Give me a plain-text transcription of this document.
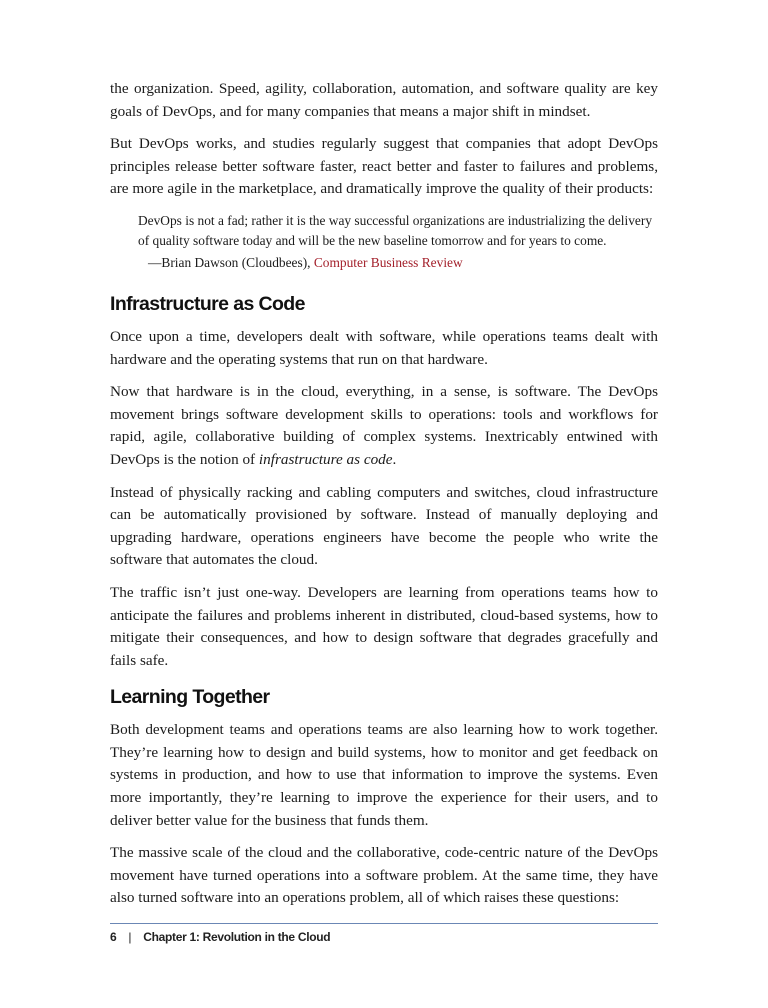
the organization. Speed, agility, collaboration, automation, and software quality are key goals of DevOps, and for many companies that means a major shift in mindset.

But DevOps works, and studies regularly suggest that companies that adopt DevOps principles release better software faster, react better and faster to failures and problems, are more agile in the marketplace, and dramatically improve the quality of their products:

DevOps is not a fad; rather it is the way successful organizations are industrializing the delivery of quality software today and will be the new baseline tomorrow and for years to come.

—Brian Dawson (Cloudbees), Computer Business Review
Infrastructure as Code

Once upon a time, developers dealt with software, while operations teams dealt with hardware and the operating systems that run on that hardware.

Now that hardware is in the cloud, everything, in a sense, is software. The DevOps movement brings software development skills to operations: tools and workflows for rapid, agile, collaborative building of complex systems. Inextricably entwined with DevOps is the notion of infrastructure as code.

Instead of physically racking and cabling computers and switches, cloud infrastructure can be automatically provisioned by software. Instead of manually deploying and upgrading hardware, operations engineers have become the people who write the software that automates the cloud.

The traffic isn’t just one-way. Developers are learning from operations teams how to anticipate the failures and problems inherent in distributed, cloud-based systems, how to mitigate their consequences, and how to design software that degrades gracefully and fails safe.

Learning Together

Both development teams and operations teams are also learning how to work together. They’re learning how to design and build systems, how to monitor and get feedback on systems in production, and how to use that information to improve the systems. Even more importantly, they’re learning to improve the experience for their users, and to deliver better value for the business that funds them.

The massive scale of the cloud and the collaborative, code-centric nature of the DevOps movement have turned operations into a software problem. At the same time, they have also turned software into an operations problem, all of which raises these questions:

6 | Chapter 1: Revolution in the Cloud
